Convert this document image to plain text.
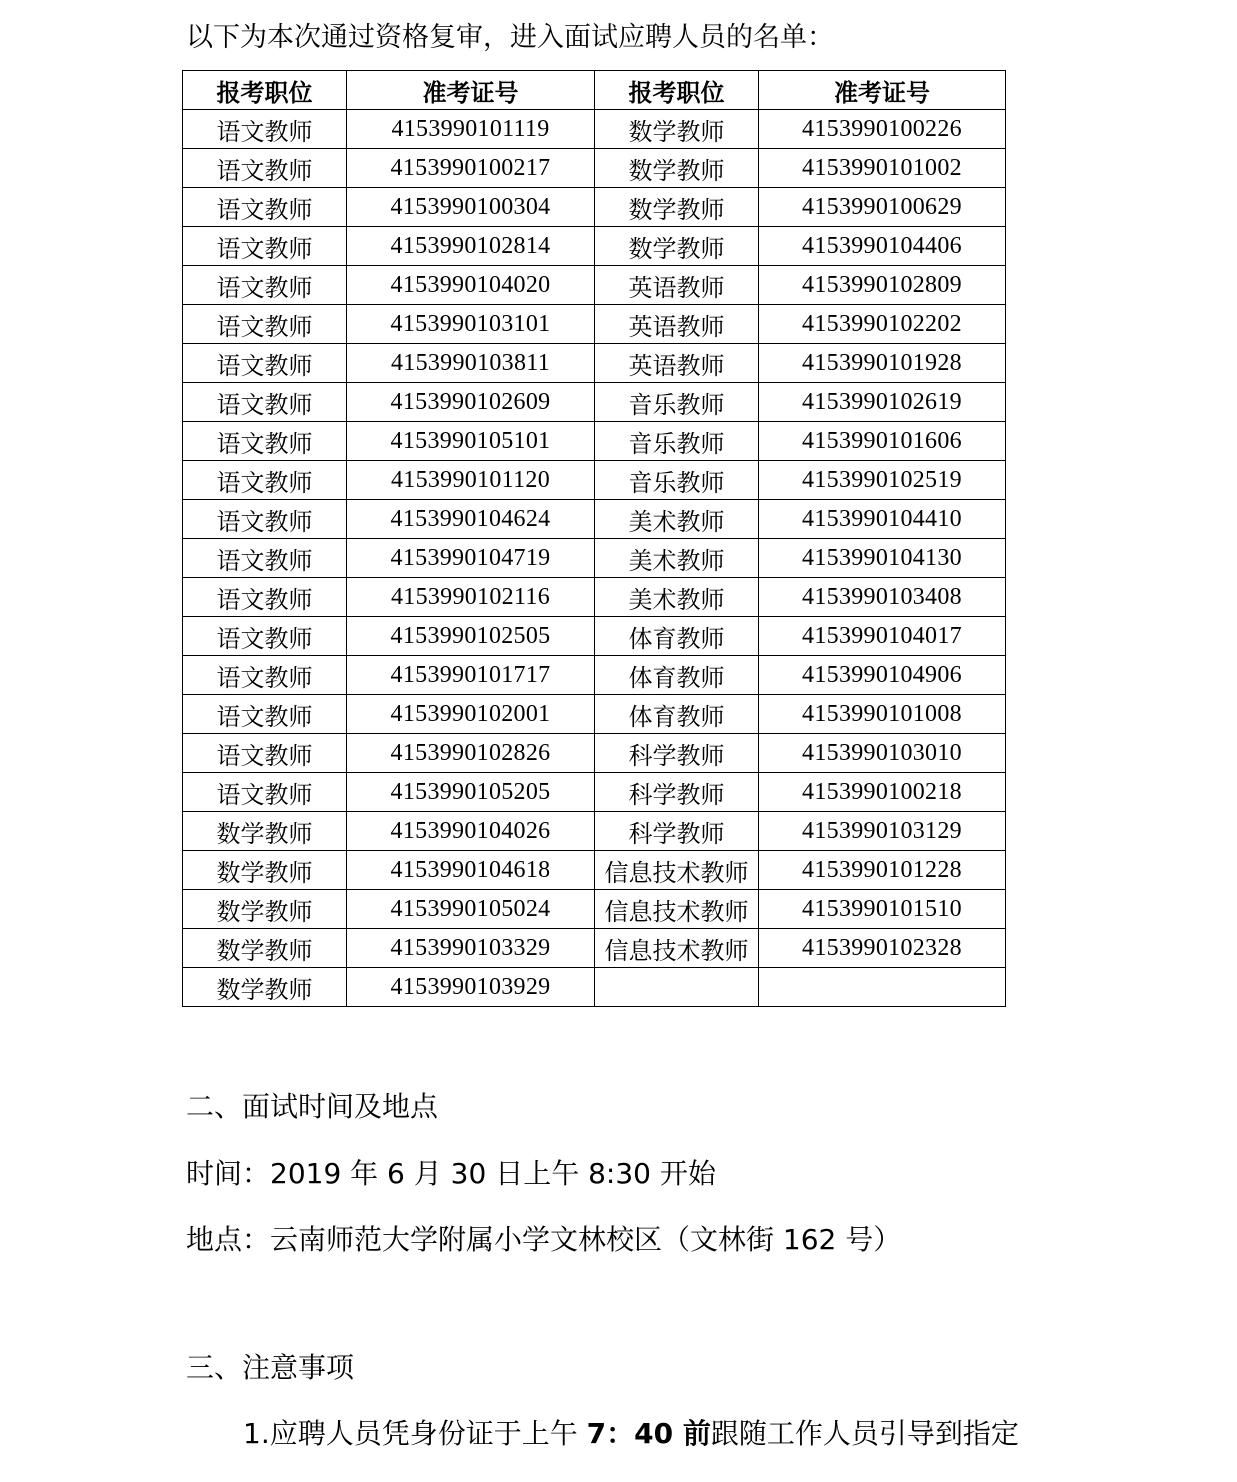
以下为本次通过资格复审，进入面试应聘人员的名单：

报考职位	准考证号	报考职位	准考证号
语文教师	4153990101119	数学教师	4153990100226
语文教师	4153990100217	数学教师	4153990101002
语文教师	4153990100304	数学教师	4153990100629
语文教师	4153990102814	数学教师	4153990104406
语文教师	4153990104020	英语教师	4153990102809
语文教师	4153990103101	英语教师	4153990102202
语文教师	4153990103811	英语教师	4153990101928
语文教师	4153990102609	音乐教师	4153990102619
语文教师	4153990105101	音乐教师	4153990101606
语文教师	4153990101120	音乐教师	4153990102519
语文教师	4153990104624	美术教师	4153990104410
语文教师	4153990104719	美术教师	4153990104130
语文教师	4153990102116	美术教师	4153990103408
语文教师	4153990102505	体育教师	4153990104017
语文教师	4153990101717	体育教师	4153990104906
语文教师	4153990102001	体育教师	4153990101008
语文教师	4153990102826	科学教师	4153990103010
语文教师	4153990105205	科学教师	4153990100218
数学教师	4153990104026	科学教师	4153990103129
数学教师	4153990104618	信息技术教师	4153990101228
数学教师	4153990105024	信息技术教师	4153990101510
数学教师	4153990103329	信息技术教师	4153990102328
数学教师	4153990103929		

二、面试时间及地点

时间：2019 年 6 月 30 日上午 8:30 开始

地点：云南师范大学附属小学文林校区（文林街 162 号）

三、注意事项

1.应聘人员凭身份证于上午 7：40 前跟随工作人员引导到指定
